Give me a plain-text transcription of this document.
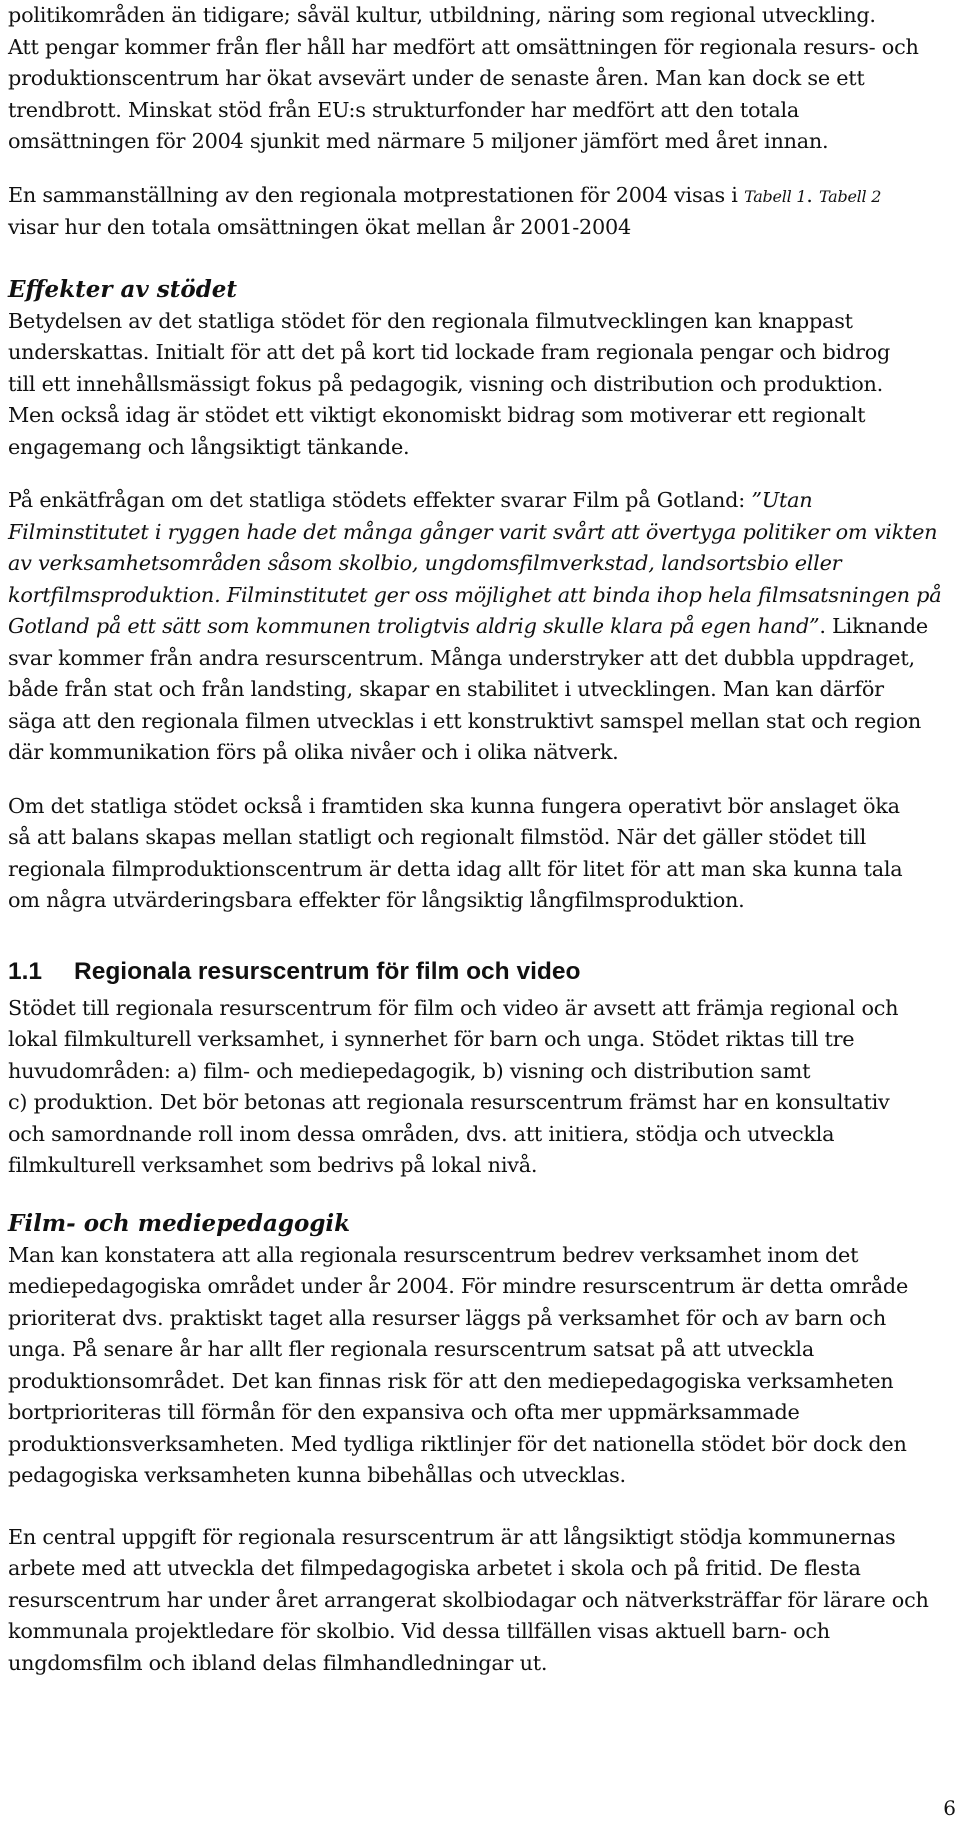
politikområden än tidigare; såväl kultur, utbildning, näring som regional utveckling.
Att pengar kommer från fler håll har medfört att omsättningen för regionala resurs- och
produktionscentrum har ökat avsevärt under de senaste åren. Man kan dock se ett
trendbrott. Minskat stöd från EU:s strukturfonder har medfört att den totala
omsättningen för 2004 sjunkit med närmare 5 miljoner jämfört med året innan.

En sammanställning av den regionala motprestationen för 2004 visas i Tabell 1. Tabell 2
visar hur den totala omsättningen ökat mellan år 2001-2004

Effekter av stödet

Betydelsen av det statliga stödet för den regionala filmutvecklingen kan knappast
underskattas. Initialt för att det på kort tid lockade fram regionala pengar och bidrog
till ett innehållsmässigt fokus på pedagogik, visning och distribution och produktion.
Men också idag är stödet ett viktigt ekonomiskt bidrag som motiverar ett regionalt
engagemang och långsiktigt tänkande.

På enkätfrågan om det statliga stödets effekter svarar Film på Gotland: ”Utan
Filminstitutet i ryggen hade det många gånger varit svårt att övertyga politiker om vikten
av verksamhetsområden såsom skolbio, ungdomsfilmverkstad, landsortsbio eller
kortfilmsproduktion. Filminstitutet ger oss möjlighet att binda ihop hela filmsatsningen på
Gotland på ett sätt som kommunen troligtvis aldrig skulle klara på egen hand”. Liknande
svar kommer från andra resurscentrum. Många understryker att det dubbla uppdraget,
både från stat och från landsting, skapar en stabilitet i utvecklingen. Man kan därför
säga att den regionala filmen utvecklas i ett konstruktivt samspel mellan stat och region
där kommunikation förs på olika nivåer och i olika nätverk.

Om det statliga stödet också i framtiden ska kunna fungera operativt bör anslaget öka
så att balans skapas mellan statligt och regionalt filmstöd. När det gäller stödet till
regionala filmproduktionscentrum är detta idag allt för litet för att man ska kunna tala
om några utvärderingsbara effekter för långsiktig långfilmsproduktion.

1.1	Regionala resurscentrum för film och video

Stödet till regionala resurscentrum för film och video är avsett att främja regional och
lokal filmkulturell verksamhet, i synnerhet för barn och unga. Stödet riktas till tre
huvudområden: a) film- och mediepedagogik, b) visning och distribution samt
c) produktion. Det bör betonas att regionala resurscentrum främst har en konsultativ
och samordnande roll inom dessa områden, dvs. att initiera, stödja och utveckla
filmkulturell verksamhet som bedrivs på lokal nivå.

Film- och mediepedagogik

Man kan konstatera att alla regionala resurscentrum bedrev verksamhet inom det
mediepedagogiska området under år 2004. För mindre resurscentrum är detta område
prioriterat dvs. praktiskt taget alla resurser läggs på verksamhet för och av barn och
unga. På senare år har allt fler regionala resurscentrum satsat på att utveckla
produktionsområdet. Det kan finnas risk för att den mediepedagogiska verksamheten
bortprioriteras till förmån för den expansiva och ofta mer uppmärksammade
produktionsverksamheten. Med tydliga riktlinjer för det nationella stödet bör dock den
pedagogiska verksamheten kunna bibehållas och utvecklas.

En central uppgift för regionala resurscentrum är att långsiktigt stödja kommunernas
arbete med att utveckla det filmpedagogiska arbetet i skola och på fritid. De flesta
resurscentrum har under året arrangerat skolbiodagar och nätverksträffar för lärare och
kommunala projektledare för skolbio. Vid dessa tillfällen visas aktuell barn- och
ungdomsfilm och ibland delas filmhandledningar ut.

6
